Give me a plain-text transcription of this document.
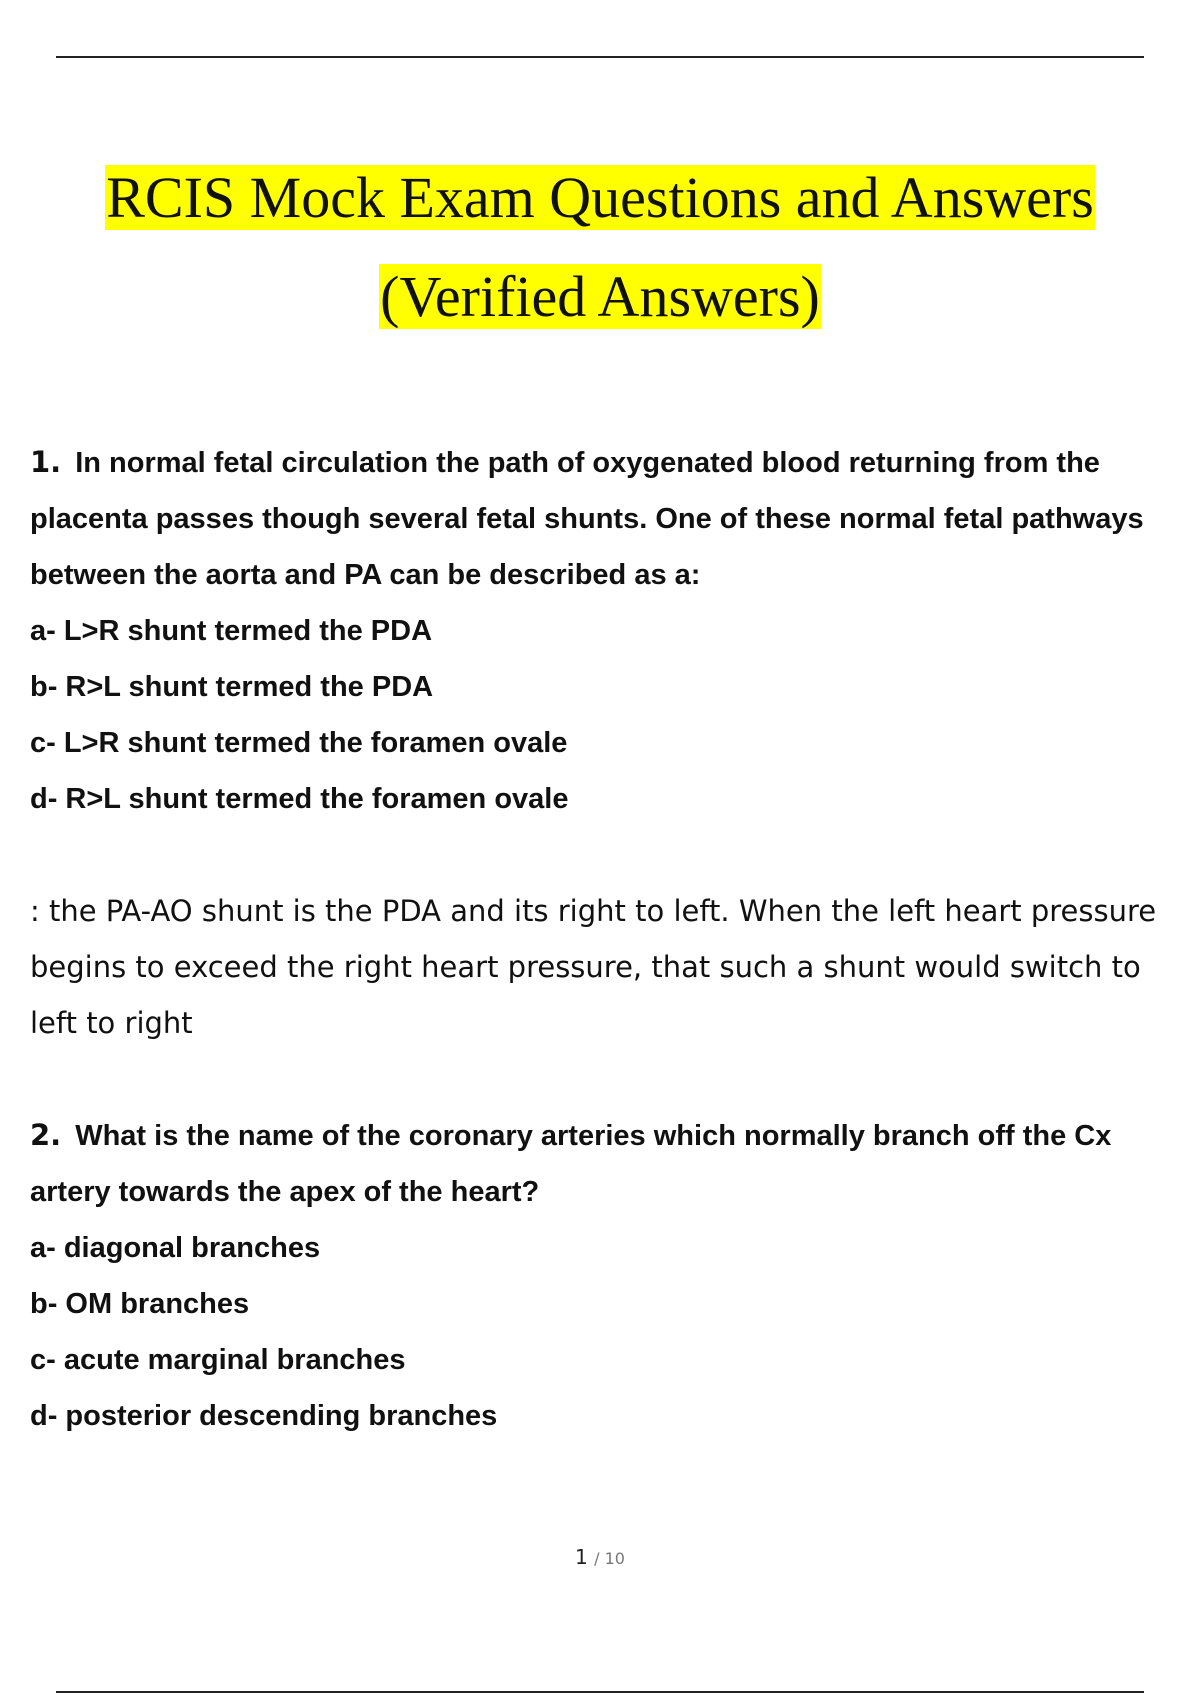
RCIS Mock Exam Questions and Answers
(Verified Answers)

1. In normal fetal circulation the path of oxygenated blood returning from the placenta passes though several fetal shunts. One of these normal fetal pathways between the aorta and PA can be described as a:

a- L>R shunt termed the PDA
b- R>L shunt termed the PDA
c- L>R shunt termed the foramen ovale
d- R>L shunt termed the foramen ovale

: the PA-AO shunt is the PDA and its right to left. When the left heart pressure begins to exceed the right heart pressure, that such a shunt would switch to left to right

2. What is the name of the coronary arteries which normally branch off the Cx artery towards the apex of the heart?

a- diagonal branches
b- OM branches
c- acute marginal branches
d- posterior descending branches
1 / 10
